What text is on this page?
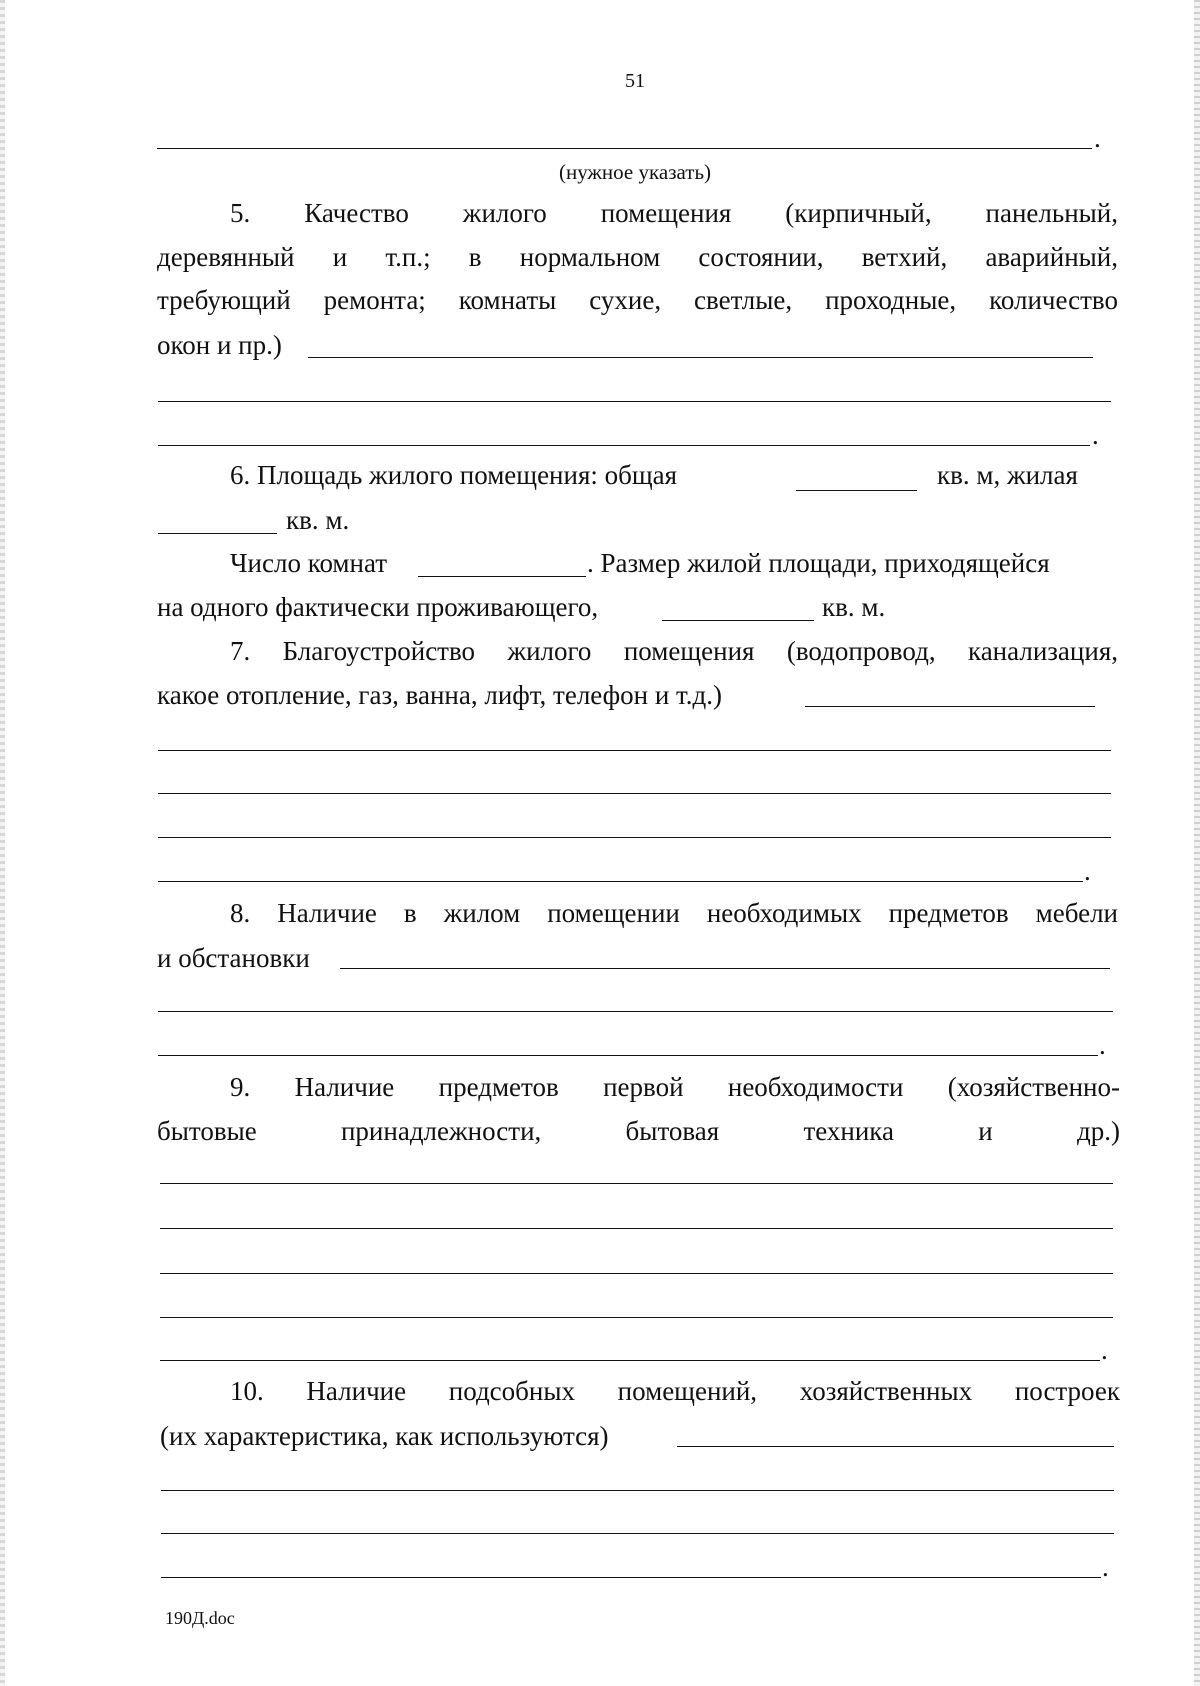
51
.
(нужное указать)
5. Качество жилого помещения (кирпичный, панельный,
деревянный и т.п.; в нормальном состоянии, ветхий, аварийный,
требующий ремонта; комнаты сухие, светлые, проходные, количество
окон и пр.)
.
6. Площадь жилого помещения: общая	кв. м, жилая
кв. м.
Число комнат	. Размер жилой площади, приходящейся
на одного фактически проживающего,	кв. м.
7. Благоустройство жилого помещения (водопровод, канализация,
какое отопление, газ, ванна, лифт, телефон и т.д.)
.
8. Наличие в жилом помещении необходимых предметов мебели
и обстановки
.
9. Наличие предметов первой необходимости (хозяйственно-
бытовые принадлежности, бытовая техника и др.)
.
10. Наличие подсобных помещений, хозяйственных построек
(их характеристика, как используются)
.
190Д.doc
